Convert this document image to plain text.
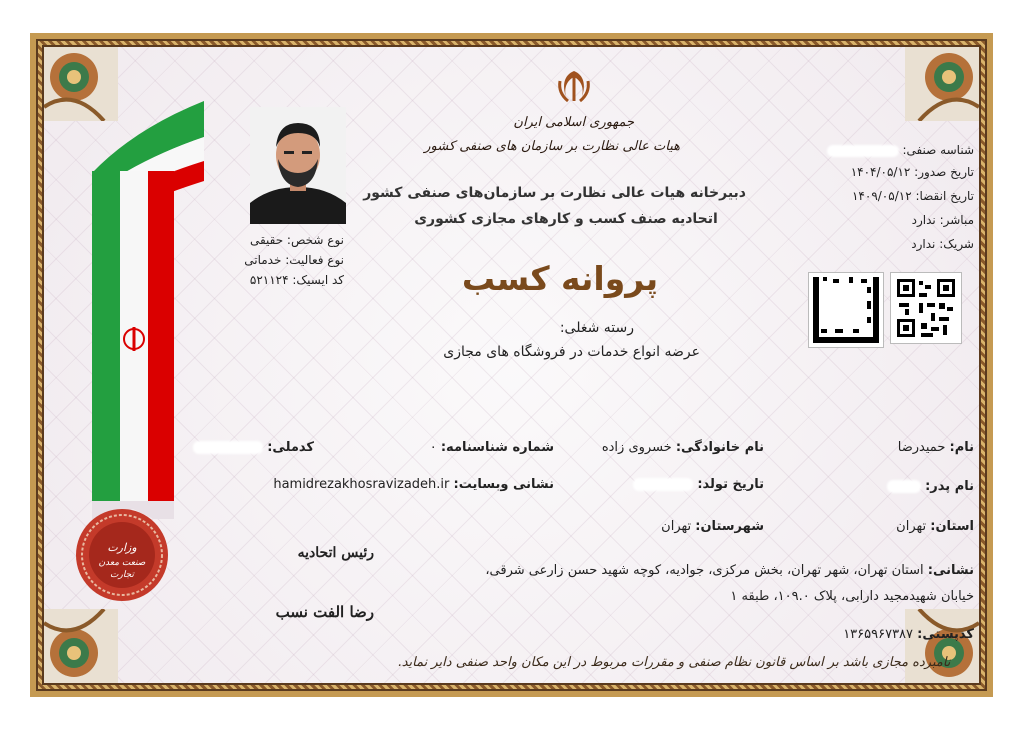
وزارت
صنعت معدن
تجارت
جمهوری اسلامی ایران
هیات عالی نظارت بر سازمان های صنفی کشور
دبیرخانه هیات عالی نظارت بر سازمان‌های صنفی کشور
اتحادیه صنف کسب و کارهای مجازی کشوری
پروانه کسب
رسته شغلی:
عرضه انواع خدمات در فروشگاه های مجازی
شناسه صنفی:
تاریخ صدور: ۱۴۰۴/۰۵/۱۲
تاریخ انقضا: ۱۴۰۹/۰۵/۱۲
مباشر: ندارد
شریک: ندارد
نوع شخص: حقیقی
نوع فعالیت: خدماتی
کد ایسیک: ۵۲۱۱۲۴
نام: حمیدرضا
نام خانوادگی: خسروی زاده
شماره شناسنامه: ۰
کدملی:
نام پدر:
تاریخ تولد:
نشانی وبسایت: hamidrezakhosravizadeh.ir
استان: تهران
شهرستان: تهران
رئیس اتحادیه
رضا الفت نسب
نشانی: استان تهران، شهر تهران، بخش مرکزی، جوادیه، کوچه شهید حسن زارعی شرقی،
خیابان شهیدمجید دارابی، پلاک ۱۰۹.۰، طبقه ۱
کدپستی: ۱۳۶۵۹۶۷۳۸۷
نامبرده مجازی باشد بر اساس قانون نظام صنفی و مقررات مربوط در این مکان واحد صنفی دایر نماید.
